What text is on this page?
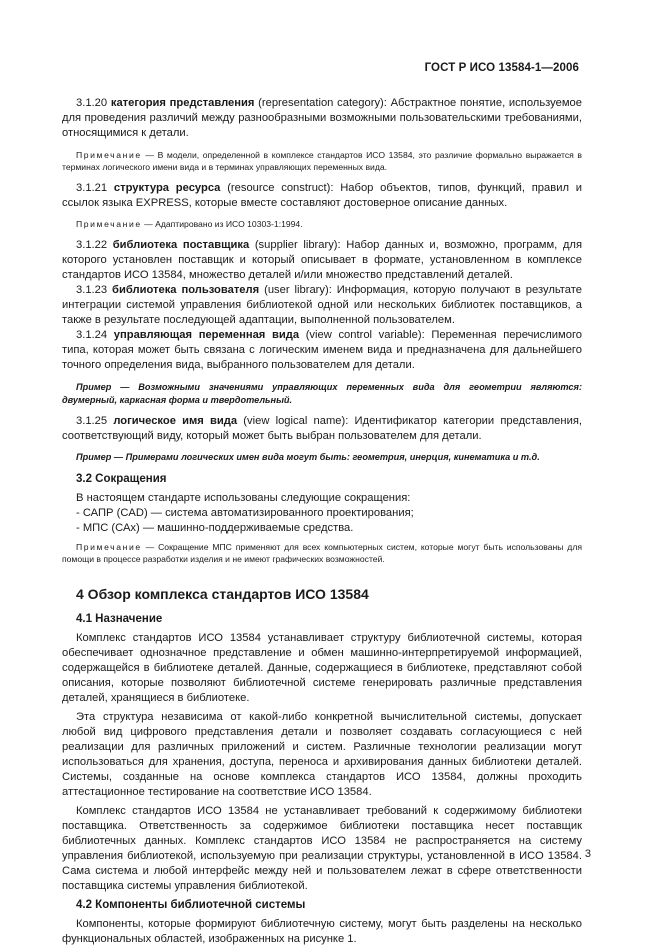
ГОСТ Р ИСО 13584-1—2006

3.1.20 категория представления (representation category): Абстрактное понятие, используемое для проведения различий между разнообразными возможными пользовательскими требованиями, относящимися к детали.

Примечание — В модели, определенной в комплексе стандартов ИСО 13584, это различие формально выражается в терминах логического имени вида и в терминах управляющих переменных вида.

3.1.21 структура ресурса (resource construct): Набор объектов, типов, функций, правил и ссылок языка EXPRESS, которые вместе составляют достоверное описание данных.

Примечание — Адаптировано из ИСО 10303-1:1994.

3.1.22 библиотека поставщика (supplier library): Набор данных и, возможно, программ, для которого установлен поставщик и который описывает в формате, установленном в комплексе стандартов ИСО 13584, множество деталей и/или множество представлений деталей.

3.1.23 библиотека пользователя (user library): Информация, которую получают в результате интеграции системой управления библиотекой одной или нескольких библиотек поставщиков, а также в результате последующей адаптации, выполненной пользователем.

3.1.24 управляющая переменная вида (view control variable): Переменная перечислимого типа, которая может быть связана с логическим именем вида и предназначена для дальнейшего точного определения вида, выбранного пользователем для детали.

Пример — Возможными значениями управляющих переменных вида для геометрии являются: двумерный, каркасная форма и твердотельный.

3.1.25 логическое имя вида (view logical name): Идентификатор категории представления, соответствующий виду, который может быть выбран пользователем для детали.

Пример — Примерами логических имен вида могут быть: геометрия, инерция, кинематика и т.д.

3.2 Сокращения

В настоящем стандарте использованы следующие сокращения:

- САПР (CAD) — система автоматизированного проектирования;

- МПС (САх) — машинно-поддерживаемые средства.

Примечание — Сокращение МПС применяют для всех компьютерных систем, которые могут быть использованы для помощи в процессе разработки изделия и не имеют графических возможностей.

4 Обзор комплекса стандартов ИСО 13584

4.1 Назначение

Комплекс стандартов ИСО 13584 устанавливает структуру библиотечной системы, которая обеспечивает однозначное представление и обмен машинно-интерпретируемой информацией, содержащейся в библиотеке деталей. Данные, содержащиеся в библиотеке, представляют собой описания, которые позволяют библиотечной системе генерировать различные представления деталей, хранящиеся в библиотеке.

Эта структура независима от какой-либо конкретной вычислительной системы, допускает любой вид цифрового представления детали и позволяет создавать согласующиеся с ней реализации для различных приложений и систем. Различные технологии реализации могут использоваться для хранения, доступа, переноса и архивирования данных библиотеки деталей. Системы, созданные на основе комплекса стандартов ИСО 13584, должны проходить аттестационное тестирование на соответствие ИСО 13584.

Комплекс стандартов ИСО 13584 не устанавливает требований к содержимому библиотеки поставщика. Ответственность за содержимое библиотеки поставщика несет поставщик библиотечных данных. Комплекс стандартов ИСО 13584 не распространяется на систему управления библиотекой, используемую при реализации структуры, установленной в ИСО 13584. Сама система и любой интерфейс между ней и пользователем лежат в сфере ответственности поставщика системы управления библиотекой.

4.2 Компоненты библиотечной системы

Компоненты, которые формируют библиотечную систему, могут быть разделены на несколько функциональных областей, изображенных на рисунке 1.

3
